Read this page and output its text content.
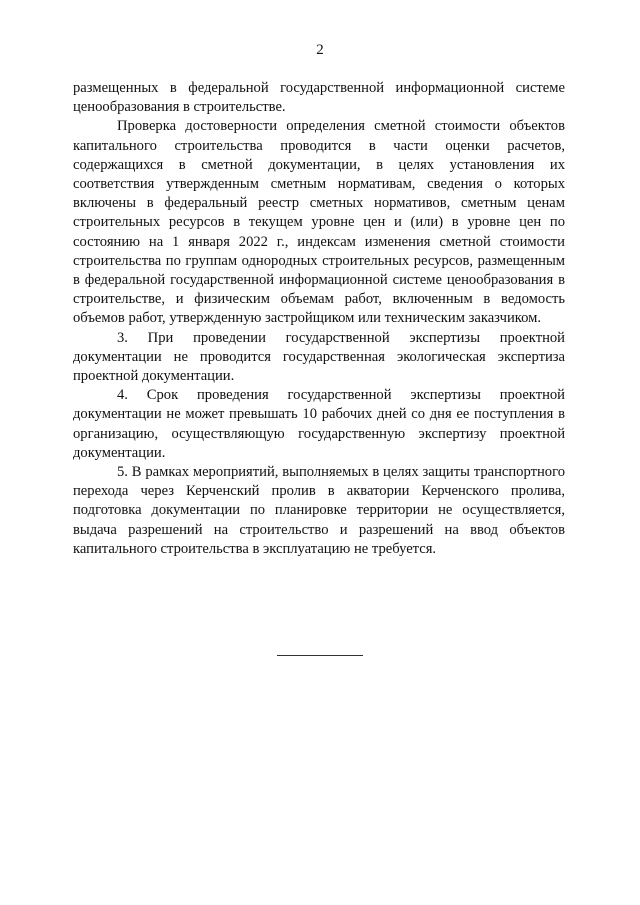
2

размещенных в федеральной государственной информационной системе ценообразования в строительстве.

Проверка достоверности определения сметной стоимости объектов капитального строительства проводится в части оценки расчетов, содержащихся в сметной документации, в целях установления их соответствия утвержденным сметным нормативам, сведения о которых включены в федеральный реестр сметных нормативов, сметным ценам строительных ресурсов в текущем уровне цен и (или) в уровне цен по состоянию на 1 января 2022 г., индексам изменения сметной стоимости строительства по группам однородных строительных ресурсов, размещенным в федеральной государственной информационной системе ценообразования в строительстве, и физическим объемам работ, включенным в ведомость объемов работ, утвержденную застройщиком или техническим заказчиком.

3. При проведении государственной экспертизы проектной документации не проводится государственная экологическая экспертиза проектной документации.

4. Срок проведения государственной экспертизы проектной документации не может превышать 10 рабочих дней со дня ее поступления в организацию, осуществляющую государственную экспертизу проектной документации.

5. В рамках мероприятий, выполняемых в целях защиты транспортного перехода через Керченский пролив в акватории Керченского пролива, подготовка документации по планировке территории не осуществляется, выдача разрешений на строительство и разрешений на ввод объектов капитального строительства в эксплуатацию не требуется.
